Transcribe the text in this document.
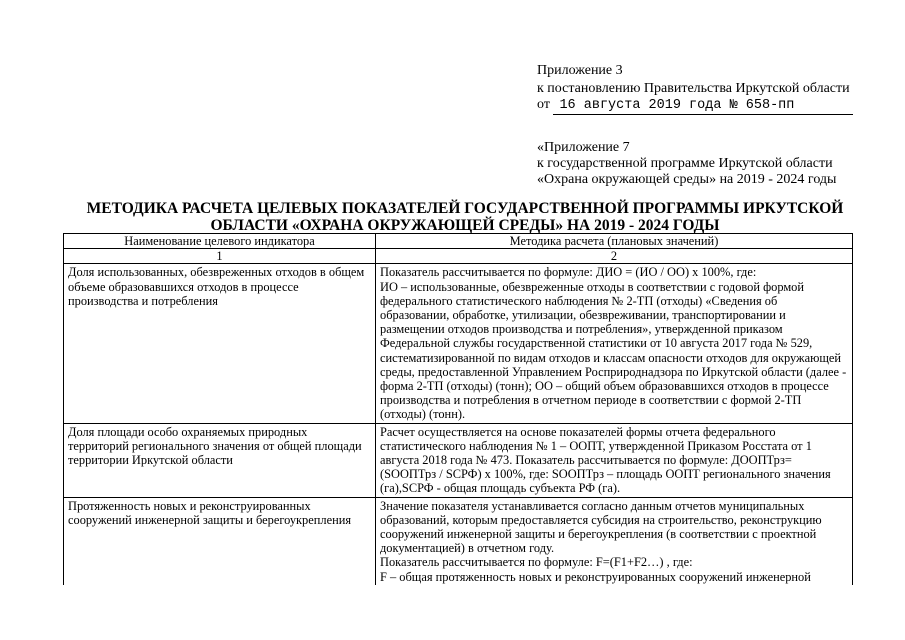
Приложение 3
к постановлению Правительства Иркутской области
от 16 августа 2019 года № 658-пп
«Приложение 7
к государственной программе Иркутской области
«Охрана окружающей среды» на 2019 - 2024 годы
МЕТОДИКА РАСЧЕТА ЦЕЛЕВЫХ ПОКАЗАТЕЛЕЙ ГОСУДАРСТВЕННОЙ ПРОГРАММЫ ИРКУТСКОЙ
ОБЛАСТИ «ОХРАНА ОКРУЖАЮЩЕЙ СРЕДЫ» НА 2019 - 2024 ГОДЫ
Наименование целевого индикатора	Методика расчета (плановых значений)
1	2
Доля использованных, обезвреженных отходов в общем объеме образовавшихся отходов в процессе производства и потребления	Показатель рассчитывается по формуле: ДИО = (ИО / ОО) х 100%, где:
ИО – использованные, обезвреженные отходы в соответствии с годовой формой федерального статистического наблюдения № 2-ТП (отходы) «Сведения об образовании, обработке, утилизации, обезвреживании, транспортировании и размещении отходов производства и потребления», утвержденной приказом Федеральной службы государственной статистики от 10 августа 2017 года № 529, систематизированной по видам отходов и классам опасности отходов для окружающей среды, предоставленной Управлением Росприроднадзора по Иркутской области (далее - форма 2-ТП (отходы) (тонн); ОО – общий объем образовавшихся отходов в процессе производства и потребления в отчетном периоде в соответствии с формой 2-ТП (отходы) (тонн).
Доля площади особо охраняемых природных территорий регионального значения от общей площади территории Иркутской области	Расчет осуществляется на основе показателей формы отчета федерального статистического наблюдения № 1 – ООПТ, утвержденной Приказом Росстата от 1 августа 2018 года № 473. Показатель рассчитывается по формуле: ДООПТрз= (SООПТрз / SСРФ) х 100%, где: SООПТрз – площадь ООПТ регионального значения (га),SСРФ - общая площадь субъекта РФ (га).
Протяженность новых и реконструированных сооружений инженерной защиты и берегоукрепления	Значение показателя устанавливается согласно данным отчетов муниципальных образований, которым предоставляется субсидия на строительство, реконструкцию сооружений инженерной защиты и берегоукрепления (в соответствии с проектной документацией) в отчетном году.
Показатель рассчитывается по формуле: F=(F1+F2…) , где:
F – общая протяженность новых и реконструированных сооружений инженерной
